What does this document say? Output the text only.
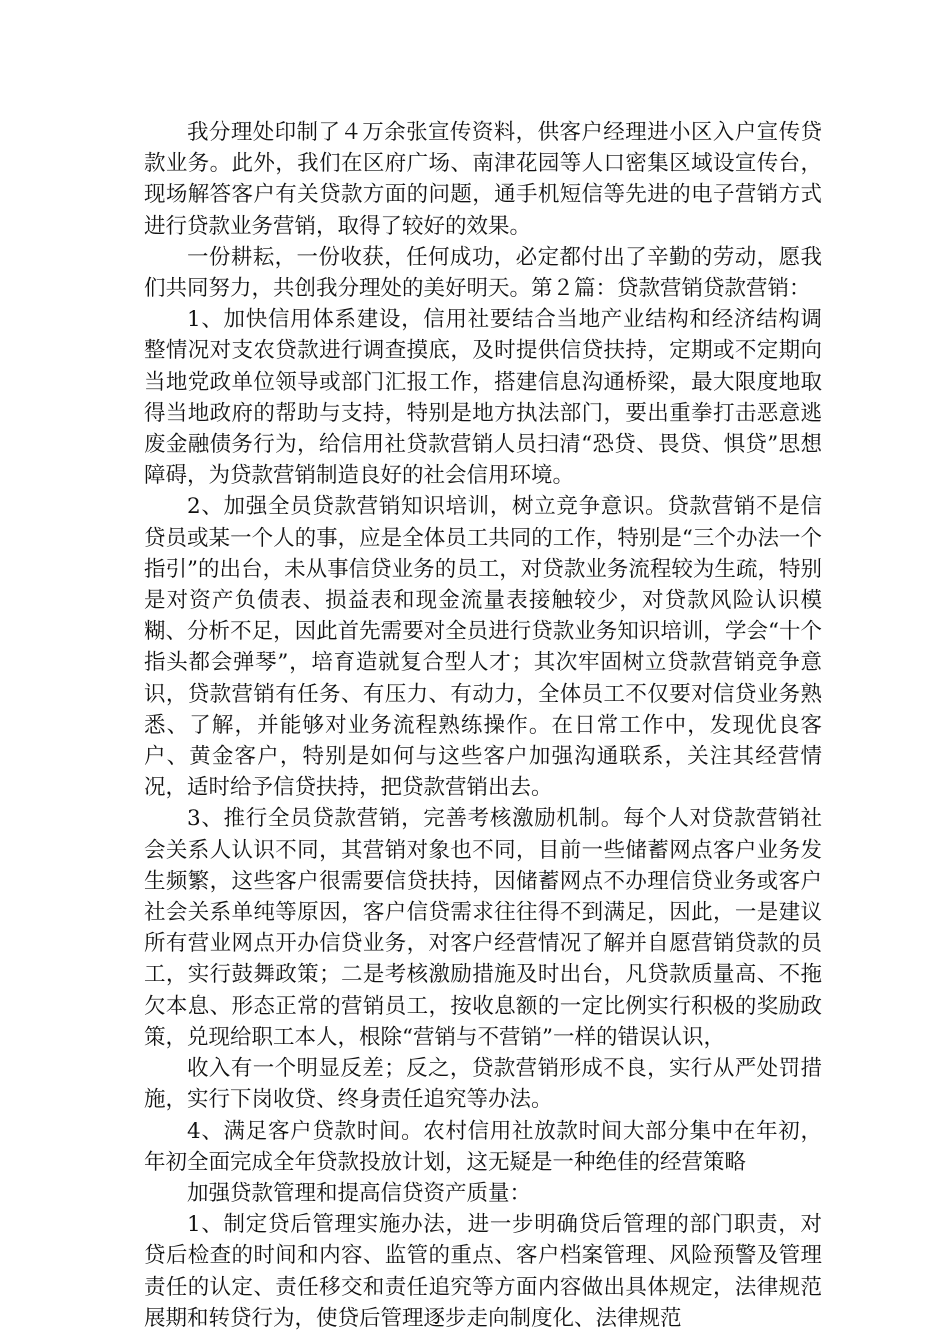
我分理处印制了４万余张宣传资料，供客户经理进小区入户宣传贷款业务。此外，我们在区府广场、南津花园等人口密集区域设宣传台，现场解答客户有关贷款方面的问题，通手机短信等先进的电子营销方式进行贷款业务营销，取得了较好的效果。

一份耕耘，一份收获，任何成功，必定都付出了辛勤的劳动，愿我们共同努力，共创我分理处的美好明天。第２篇：贷款营销贷款营销：

1、加快信用体系建设，信用社要结合当地产业结构和经济结构调整情况对支农贷款进行调查摸底，及时提供信贷扶持，定期或不定期向当地党政单位领导或部门汇报工作，搭建信息沟通桥梁，最大限度地取得当地政府的帮助与支持，特别是地方执法部门，要出重拳打击恶意逃废金融债务行为，给信用社贷款营销人员扫清“恐贷、畏贷、惧贷”思想障碍，为贷款营销制造良好的社会信用环境。

2、加强全员贷款营销知识培训，树立竞争意识。贷款营销不是信贷员或某一个人的事，应是全体员工共同的工作，特别是“三个办法一个指引”的出台，未从事信贷业务的员工，对贷款业务流程较为生疏，特别是对资产负债表、损益表和现金流量表接触较少，对贷款风险认识模糊、分析不足，因此首先需要对全员进行贷款业务知识培训，学会“十个指头都会弹琴”，培育造就复合型人才；其次牢固树立贷款营销竞争意识，贷款营销有任务、有压力、有动力，全体员工不仅要对信贷业务熟悉、了解，并能够对业务流程熟练操作。在日常工作中，发现优良客户、黄金客户，特别是如何与这些客户加强沟通联系，关注其经营情况，适时给予信贷扶持，把贷款营销出去。

3、推行全员贷款营销，完善考核激励机制。每个人对贷款营销社会关系人认识不同，其营销对象也不同，目前一些储蓄网点客户业务发生频繁，这些客户很需要信贷扶持，因储蓄网点不办理信贷业务或客户社会关系单纯等原因，客户信贷需求往往得不到满足，因此，一是建议所有营业网点开办信贷业务，对客户经营情况了解并自愿营销贷款的员工，实行鼓舞政策；二是考核激励措施及时出台，凡贷款质量高、不拖欠本息、形态正常的营销员工，按收息额的一定比例实行积极的奖励政策，兑现给职工本人，根除“营销与不营销”一样的错误认识，

收入有一个明显反差；反之，贷款营销形成不良，实行从严处罚措施，实行下岗收贷、终身责任追究等办法。

4、满足客户贷款时间。农村信用社放款时间大部分集中在年初，年初全面完成全年贷款投放计划，这无疑是一种绝佳的经营策略

加强贷款管理和提高信贷资产质量：

1、制定贷后管理实施办法，进一步明确贷后管理的部门职责，对贷后检查的时间和内容、监管的重点、客户档案管理、风险预警及管理责任的认定、责任移交和责任追究等方面内容做出具体规定，法律规范展期和转贷行为，使贷后管理逐步走向制度化、法律规范
